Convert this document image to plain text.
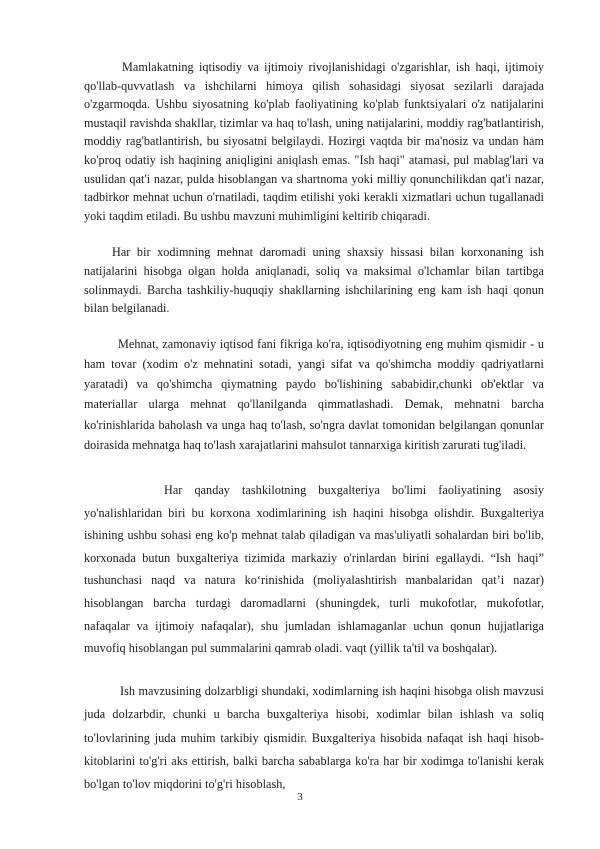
Mamlakatning iqtisodiy va ijtimoiy rivojlanishidagi o'zgarishlar, ish haqi, ijtimoiy qo'llab-quvvatlash va ishchilarni himoya qilish sohasidagi siyosat sezilarli darajada o'zgarmoqda. Ushbu siyosatning ko'plab faoliyatining ko'plab funktsiyalari o'z natijalarini mustaqil ravishda shakllar, tizimlar va haq to'lash, uning natijalarini, moddiy rag'batlantirish, moddiy rag'batlantirish, bu siyosatni belgilaydi. Hozirgi vaqtda bir ma'nosiz va undan ham ko'proq odatiy ish haqining aniqligini aniqlash emas. "Ish haqi" atamasi, pul mablag'lari va usulidan qat'i nazar, pulda hisoblangan va shartnoma yoki milliy qonunchilikdan qat'i nazar, tadbirkor mehnat uchun o'rnatiladi, taqdim etilishi yoki kerakli xizmatlari uchun tugallanadi yoki taqdim etiladi. Bu ushbu mavzuni muhimligini keltirib chiqaradi.

Har bir xodimning mehnat daromadi uning shaxsiy hissasi bilan korxonaning ish natijalarini hisobga olgan holda aniqlanadi, soliq va maksimal o'lchamlar bilan tartibga solinmaydi. Barcha tashkiliy-huquqiy shakllarning ishchilarining eng kam ish haqi qonun bilan belgilanadi.

Mehnat, zamonaviy iqtisod fani fikriga ko'ra, iqtisodiyotning eng muhim qismidir - u ham tovar (xodim o'z mehnatini sotadi, yangi sifat va qo'shimcha moddiy qadriyatlarni yaratadi) va qo'shimcha qiymatning paydo bo'lishining sababidir,chunki ob'ektlar va materiallar ularga mehnat qo'llanilganda qimmatlashadi. Demak, mehnatni barcha ko'rinishlarida baholash va unga haq to'lash, so'ngra davlat tomonidan belgilangan qonunlar doirasida mehnatga haq to'lash xarajatlarini mahsulot tannarxiga kiritish zarurati tug'iladi.

Har qanday tashkilotning buxgalteriya bo'limi faoliyatining asosiy yo'nalishlaridan biri bu korxona xodimlarining ish haqini hisobga olishdir. Buxgalteriya ishining ushbu sohasi eng ko'p mehnat talab qiladigan va mas'uliyatli sohalardan biri bo'lib, korxonada butun buxgalteriya tizimida markaziy o'rinlardan birini egallaydi. “Ish haqi” tushunchasi naqd va natura ko‘rinishida (moliyalashtirish manbalaridan qat’i nazar) hisoblangan barcha turdagi daromadlarni (shuningdek, turli mukofotlar, mukofotlar, nafaqalar va ijtimoiy nafaqalar), shu jumladan ishlamaganlar uchun qonun hujjatlariga muvofiq hisoblangan pul summalarini qamrab oladi. vaqt (yillik ta'til va boshqalar).

Ish mavzusining dolzarbligi shundaki, xodimlarning ish haqini hisobga olish mavzusi juda dolzarbdir, chunki u barcha buxgalteriya hisobi, xodimlar bilan ishlash va soliq to'lovlarining juda muhim tarkibiy qismidir. Buxgalteriya hisobida nafaqat ish haqi hisob-kitoblarini to'g'ri aks ettirish, balki barcha sabablarga ko'ra har bir xodimga to'lanishi kerak bo'lgan to'lov miqdorini to'g'ri hisoblash,

3
